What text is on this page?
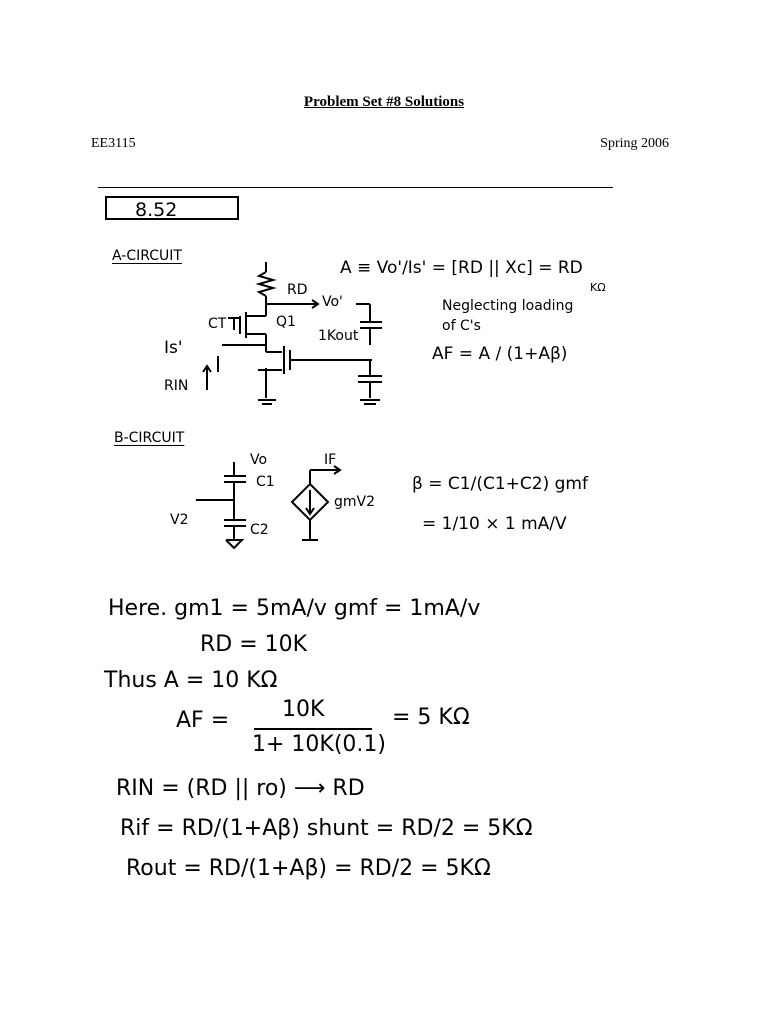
Problem Set #8 Solutions
EE3115	Spring 2006
8.52
A-CIRCUIT
RD
Vo'
Q1
1Kout
CT
Is'
RIN
A ≡ Vo'/Is' = [RD || Xc] = RD
KΩ
Neglecting loading
of C's
AF = A / (1+Aβ)
B-CIRCUIT
Vo
C1
C2
V2
IF
gmV2
β = C1/(C1+C2) gmf
= 1/10 × 1 mA/V
Here. gm1 = 5mA/v gmf = 1mA/v
RD = 10K
Thus A = 10 KΩ
AF = 10K
1+ 10K(0.1)
= 5 KΩ
RIN = (RD || ro) ⟶ RD
Rif = RD/(1+Aβ) shunt = RD/2 = 5KΩ
Rout = RD/(1+Aβ) = RD/2 = 5KΩ
